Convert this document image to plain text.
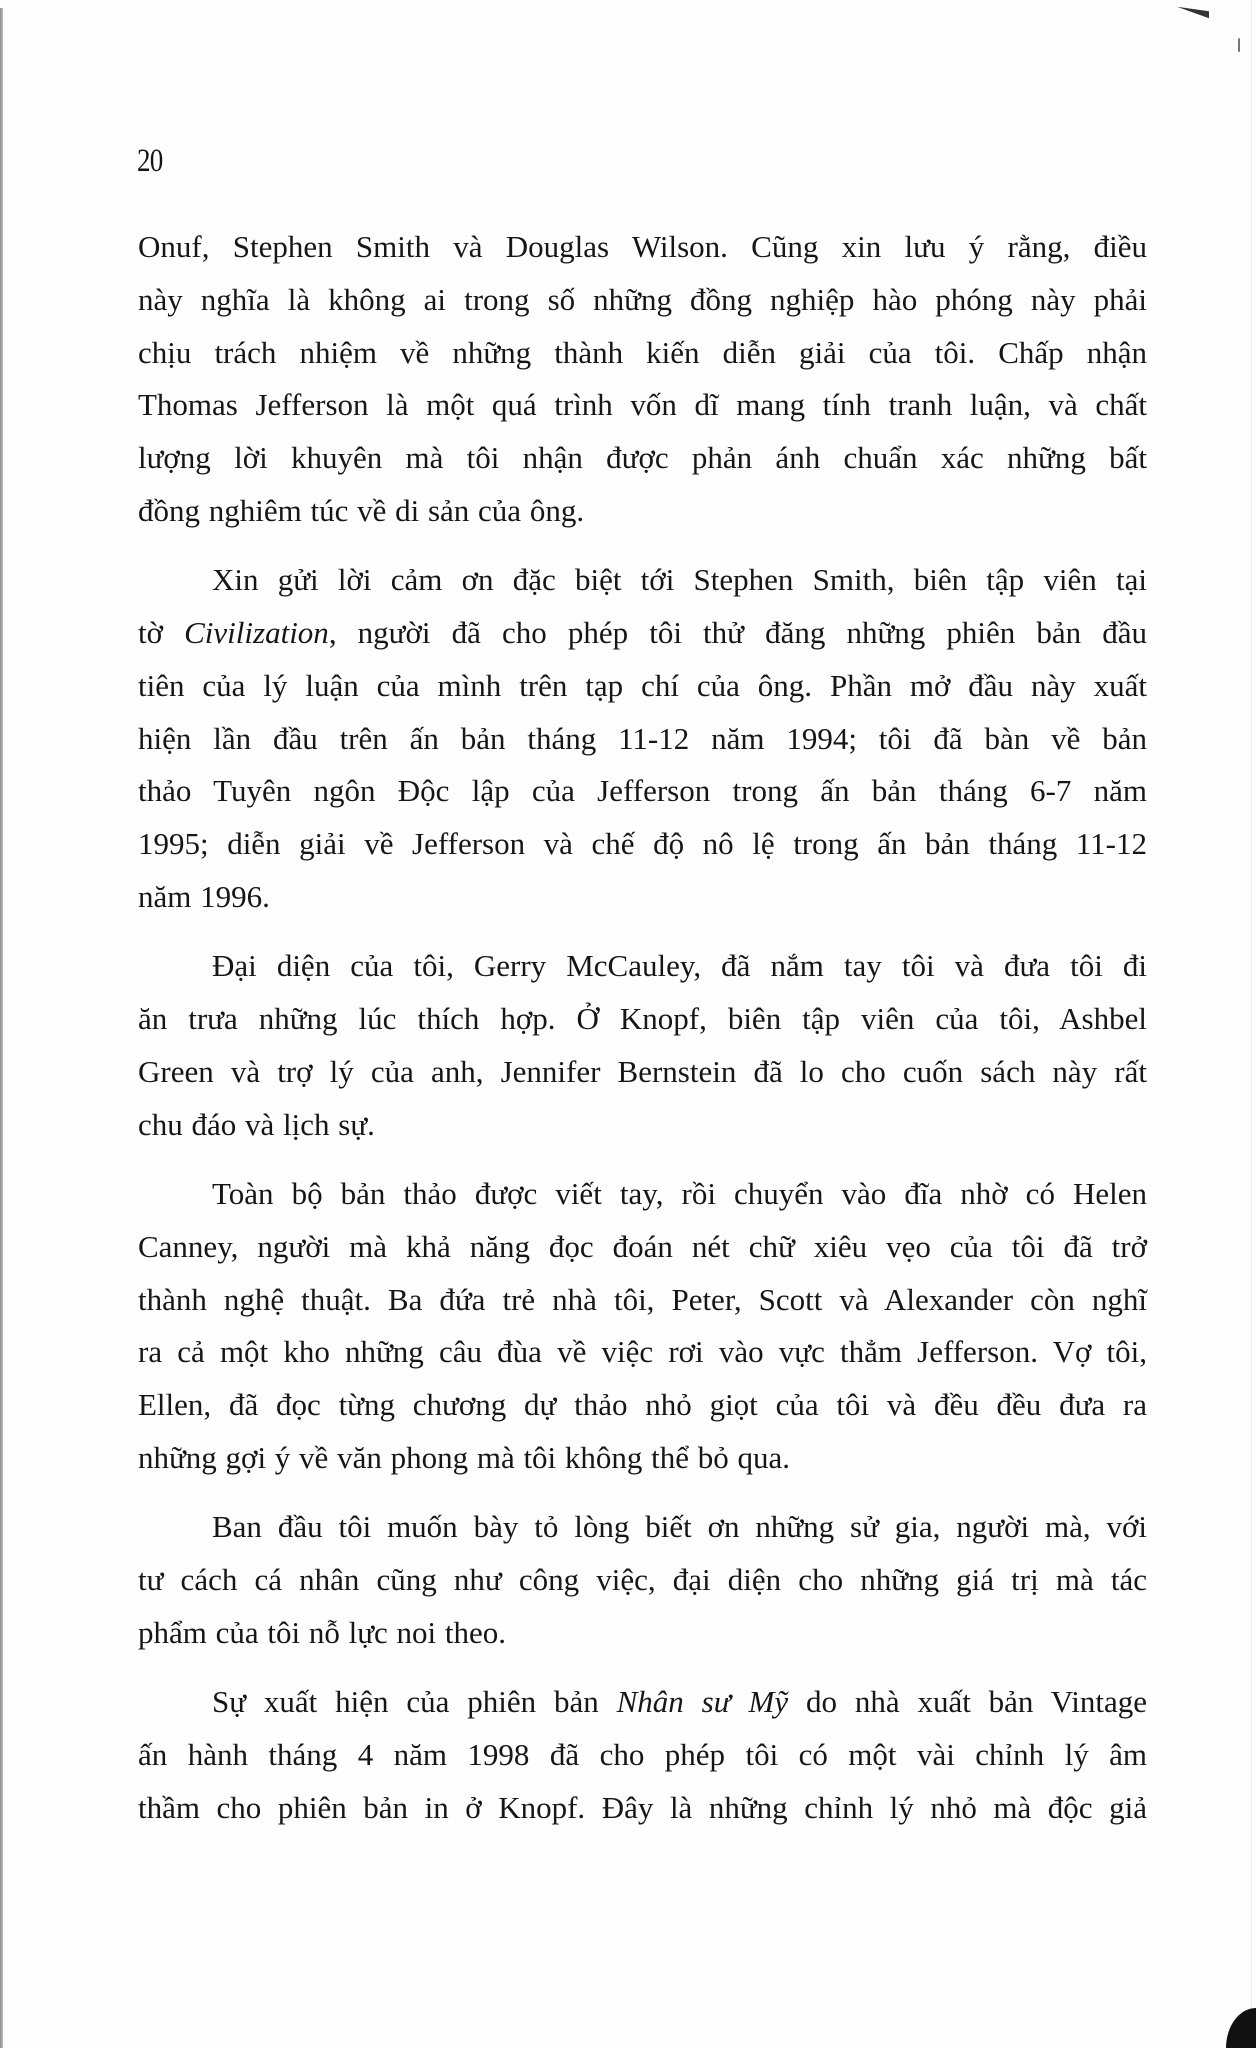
20
Onuf, Stephen Smith và Douglas Wilson. Cũng xin lưu ý rằng, điều
này nghĩa là không ai trong số những đồng nghiệp hào phóng này phải
chịu trách nhiệm về những thành kiến diễn giải của tôi. Chấp nhận
Thomas Jefferson là một quá trình vốn dĩ mang tính tranh luận, và chất
lượng lời khuyên mà tôi nhận được phản ánh chuẩn xác những bất
đồng nghiêm túc về di sản của ông.
Xin gửi lời cảm ơn đặc biệt tới Stephen Smith, biên tập viên tại
tờ Civilization, người đã cho phép tôi thử đăng những phiên bản đầu
tiên của lý luận của mình trên tạp chí của ông. Phần mở đầu này xuất
hiện lần đầu trên ấn bản tháng 11-12 năm 1994; tôi đã bàn về bản
thảo Tuyên ngôn Độc lập của Jefferson trong ấn bản tháng 6-7 năm
1995; diễn giải về Jefferson và chế độ nô lệ trong ấn bản tháng 11-12
năm 1996.
Đại diện của tôi, Gerry McCauley, đã nắm tay tôi và đưa tôi đi
ăn trưa những lúc thích hợp. Ở Knopf, biên tập viên của tôi, Ashbel
Green và trợ lý của anh, Jennifer Bernstein đã lo cho cuốn sách này rất
chu đáo và lịch sự.
Toàn bộ bản thảo được viết tay, rồi chuyển vào đĩa nhờ có Helen
Canney, người mà khả năng đọc đoán nét chữ xiêu vẹo của tôi đã trở
thành nghệ thuật. Ba đứa trẻ nhà tôi, Peter, Scott và Alexander còn nghĩ
ra cả một kho những câu đùa về việc rơi vào vực thẳm Jefferson. Vợ tôi,
Ellen, đã đọc từng chương dự thảo nhỏ giọt của tôi và đều đều đưa ra
những gợi ý về văn phong mà tôi không thể bỏ qua.
Ban đầu tôi muốn bày tỏ lòng biết ơn những sử gia, người mà, với
tư cách cá nhân cũng như công việc, đại diện cho những giá trị mà tác
phẩm của tôi nỗ lực noi theo.
Sự xuất hiện của phiên bản Nhân sư Mỹ do nhà xuất bản Vintage
ấn hành tháng 4 năm 1998 đã cho phép tôi có một vài chỉnh lý âm
thầm cho phiên bản in ở Knopf. Đây là những chỉnh lý nhỏ mà độc giả
